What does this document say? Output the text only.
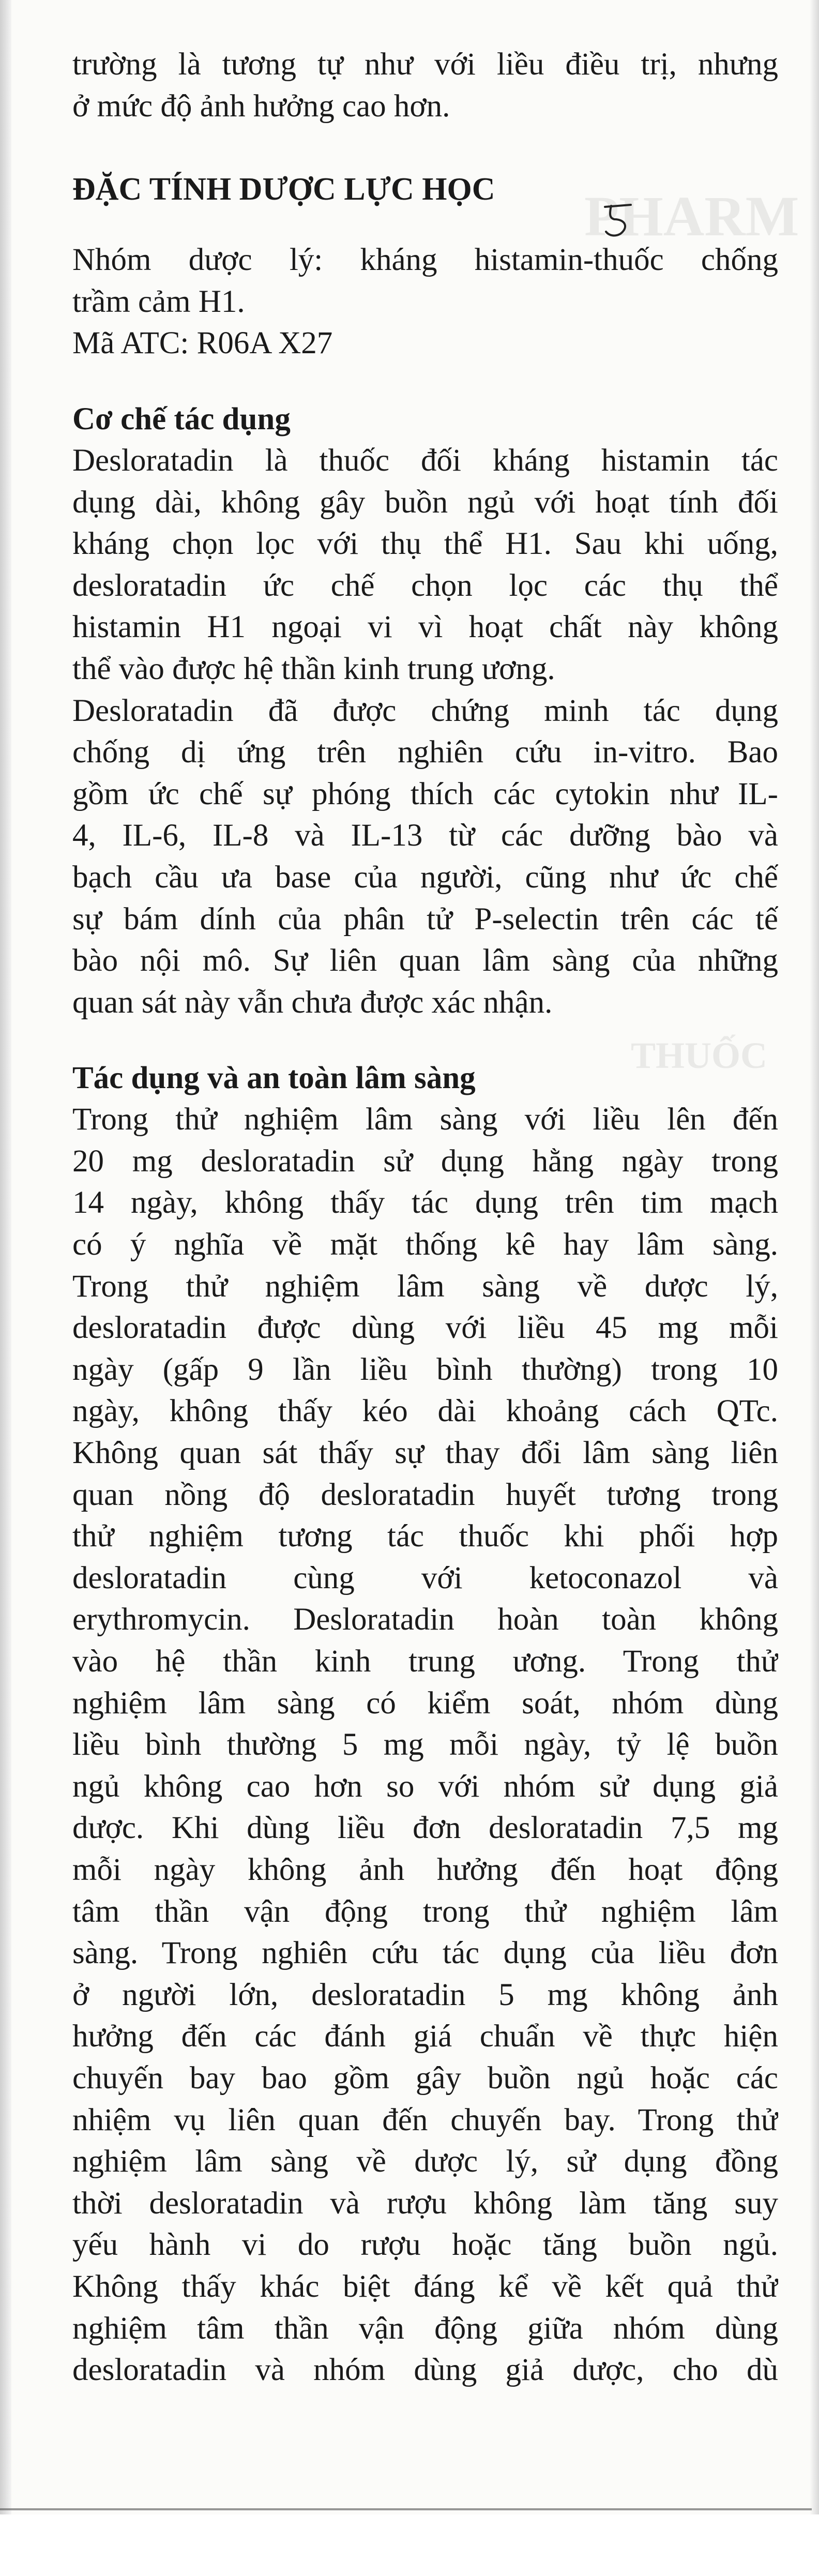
PHARM
THUỐC
trường là tương tự như với liều điều trị, nhưng
ở mức độ ảnh hưởng cao hơn.
ĐẶC TÍNH DƯỢC LỰC HỌC
Nhóm dược lý: kháng histamin-thuốc chống
trầm cảm H1.
Mã ATC: R06A X27
Cơ chế tác dụng
Desloratadin là thuốc đối kháng histamin tác
dụng dài, không gây buồn ngủ với hoạt tính đối
kháng chọn lọc với thụ thể H1. Sau khi uống,
desloratadin ức chế chọn lọc các thụ thể
histamin H1 ngoại vi vì hoạt chất này không
thể vào được hệ thần kinh trung ương.
Desloratadin đã được chứng minh tác dụng
chống dị ứng trên nghiên cứu in-vitro. Bao
gồm ức chế sự phóng thích các cytokin như IL-
4, IL-6, IL-8 và IL-13 từ các dưỡng bào và
bạch cầu ưa base của người, cũng như ức chế
sự bám dính của phân tử P-selectin trên các tế
bào nội mô. Sự liên quan lâm sàng của những
quan sát này vẫn chưa được xác nhận.
Tác dụng và an toàn lâm sàng
Trong thử nghiệm lâm sàng với liều lên đến
20 mg desloratadin sử dụng hằng ngày trong
14 ngày, không thấy tác dụng trên tim mạch
có ý nghĩa về mặt thống kê hay lâm sàng.
Trong thử nghiệm lâm sàng về dược lý,
desloratadin được dùng với liều 45 mg mỗi
ngày (gấp 9 lần liều bình thường) trong 10
ngày, không thấy kéo dài khoảng cách QTc.
Không quan sát thấy sự thay đổi lâm sàng liên
quan nồng độ desloratadin huyết tương trong
thử nghiệm tương tác thuốc khi phối hợp
desloratadin cùng với ketoconazol và
erythromycin. Desloratadin hoàn toàn không
vào hệ thần kinh trung ương. Trong thử
nghiệm lâm sàng có kiểm soát, nhóm dùng
liều bình thường 5 mg mỗi ngày, tỷ lệ buồn
ngủ không cao hơn so với nhóm sử dụng giả
dược. Khi dùng liều đơn desloratadin 7,5 mg
mỗi ngày không ảnh hưởng đến hoạt động
tâm thần vận động trong thử nghiệm lâm
sàng. Trong nghiên cứu tác dụng của liều đơn
ở người lớn, desloratadin 5 mg không ảnh
hưởng đến các đánh giá chuẩn về thực hiện
chuyến bay bao gồm gây buồn ngủ hoặc các
nhiệm vụ liên quan đến chuyến bay. Trong thử
nghiệm lâm sàng về dược lý, sử dụng đồng
thời desloratadin và rượu không làm tăng suy
yếu hành vi do rượu hoặc tăng buồn ngủ.
Không thấy khác biệt đáng kể về kết quả thử
nghiệm tâm thần vận động giữa nhóm dùng
desloratadin và nhóm dùng giả dược, cho dù
